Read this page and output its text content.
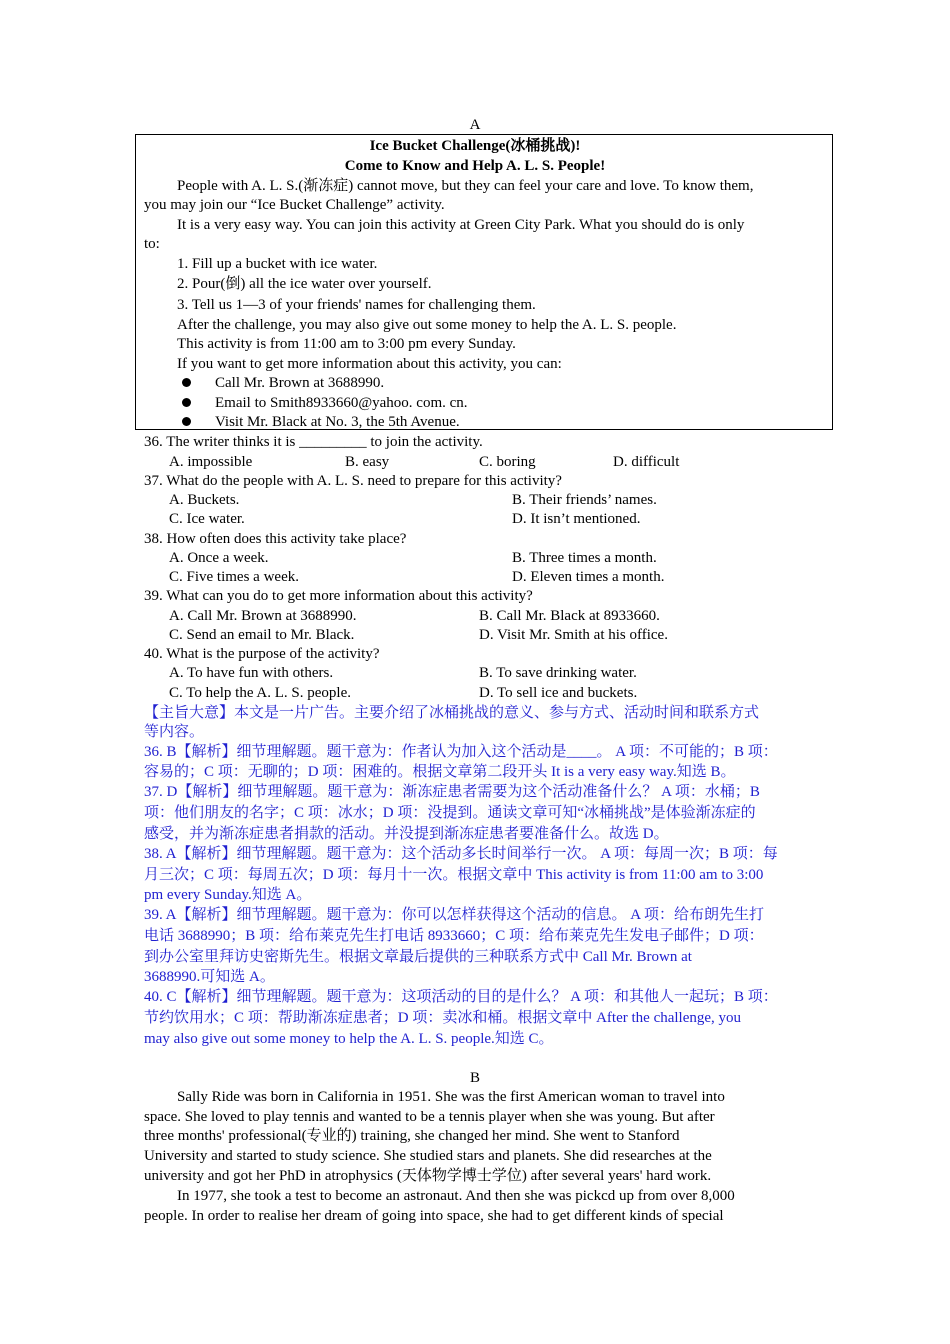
A
Ice Bucket Challenge(冰桶挑战)!
Come to Know and Help A. L. S. People!
People with A. L. S.(渐冻症) cannot move, but they can feel your care and love. To know them,
you may join our “Ice Bucket Challenge” activity.
It is a very easy way. You can join this activity at Green City Park. What you should do is only
to:
1. Fill up a bucket with ice water.
2. Pour(倒) all the ice water over yourself.
3. Tell us 1—3 of your friends' names for challenging them.
After the challenge, you may also give out some money to help the A. L. S. people.
This activity is from 11:00 am to 3:00 pm every Sunday.
If you want to get more information about this activity, you can:
Call Mr. Brown at 3688990.
Email to Smith8933660@yahoo. com. cn.
Visit Mr. Black at No. 3, the 5th Avenue.
36. The writer thinks it is _________ to join the activity.
A. impossible	B. easy	C. boring	D. difficult
37. What do the people with A. L. S. need to prepare for this activity?
A. Buckets.	B. Their friends’ names.
C. Ice water.	D. It isn’t mentioned.
38. How often does this activity take place?
A. Once a week.	B. Three times a month.
C. Five times a week.	D. Eleven times a month.
39. What can you do to get more information about this activity?
A. Call Mr. Brown at 3688990.	B. Call Mr. Black at 8933660.
C. Send an email to Mr. Black.	D. Visit Mr. Smith at his office.
40. What is the purpose of the activity?
A. To have fun with others.	B. To save drinking water.
C. To help the A. L. S. people.	D. To sell ice and buckets.
【主旨大意】本文是一片广告。主要介绍了冰桶挑战的意义、参与方式、活动时间和联系方式
等内容。
36. B【解析】细节理解题。题干意为：作者认为加入这个活动是____。 A 项：不可能的；B 项：
容易的；C 项：无聊的；D 项：困难的。根据文章第二段开头 It is a very easy way.知选 B。
37. D【解析】细节理解题。题干意为：渐冻症患者需要为这个活动准备什么？ A 项：水桶；B
项：他们朋友的名字；C 项：冰水；D 项：没提到。通读文章可知“冰桶挑战”是体验渐冻症的
感受，并为渐冻症患者捐款的活动。并没提到渐冻症患者要准备什么。故选 D。
38. A【解析】细节理解题。题干意为：这个活动多长时间举行一次。 A 项：每周一次；B 项：每
月三次；C 项：每周五次；D 项：每月十一次。根据文章中 This activity is from 11:00 am to 3:00
pm every Sunday.知选 A。
39. A【解析】细节理解题。题干意为：你可以怎样获得这个活动的信息。 A 项：给布朗先生打
电话 3688990；B 项：给布莱克先生打电话 8933660；C 项：给布莱克先生发电子邮件；D 项：
到办公室里拜访史密斯先生。根据文章最后提供的三种联系方式中 Call Mr. Brown at
3688990.可知选 A。
40. C【解析】细节理解题。题干意为：这项活动的目的是什么？ A 项：和其他人一起玩；B 项：
节约饮用水；C 项：帮助渐冻症患者；D 项：卖冰和桶。根据文章中 After the challenge, you
may also give out some money to help the A. L. S. people.知选 C。
B
Sally Ride was born in California in 1951. She was the first American woman to travel into
space. She loved to play tennis and wanted to be a tennis player when she was young. But after
three months' professional(专业的) training, she changed her mind. She went to Stanford
University and started to study science. She studied stars and planets. She did researches at the
university and got her PhD in atrophysics (天体物学博士学位) after several years' hard work.
In 1977, she took a test to become an astronaut. And then she was pickcd up from over 8,000
people. In order to realise her dream of going into space, she had to get different kinds of special
